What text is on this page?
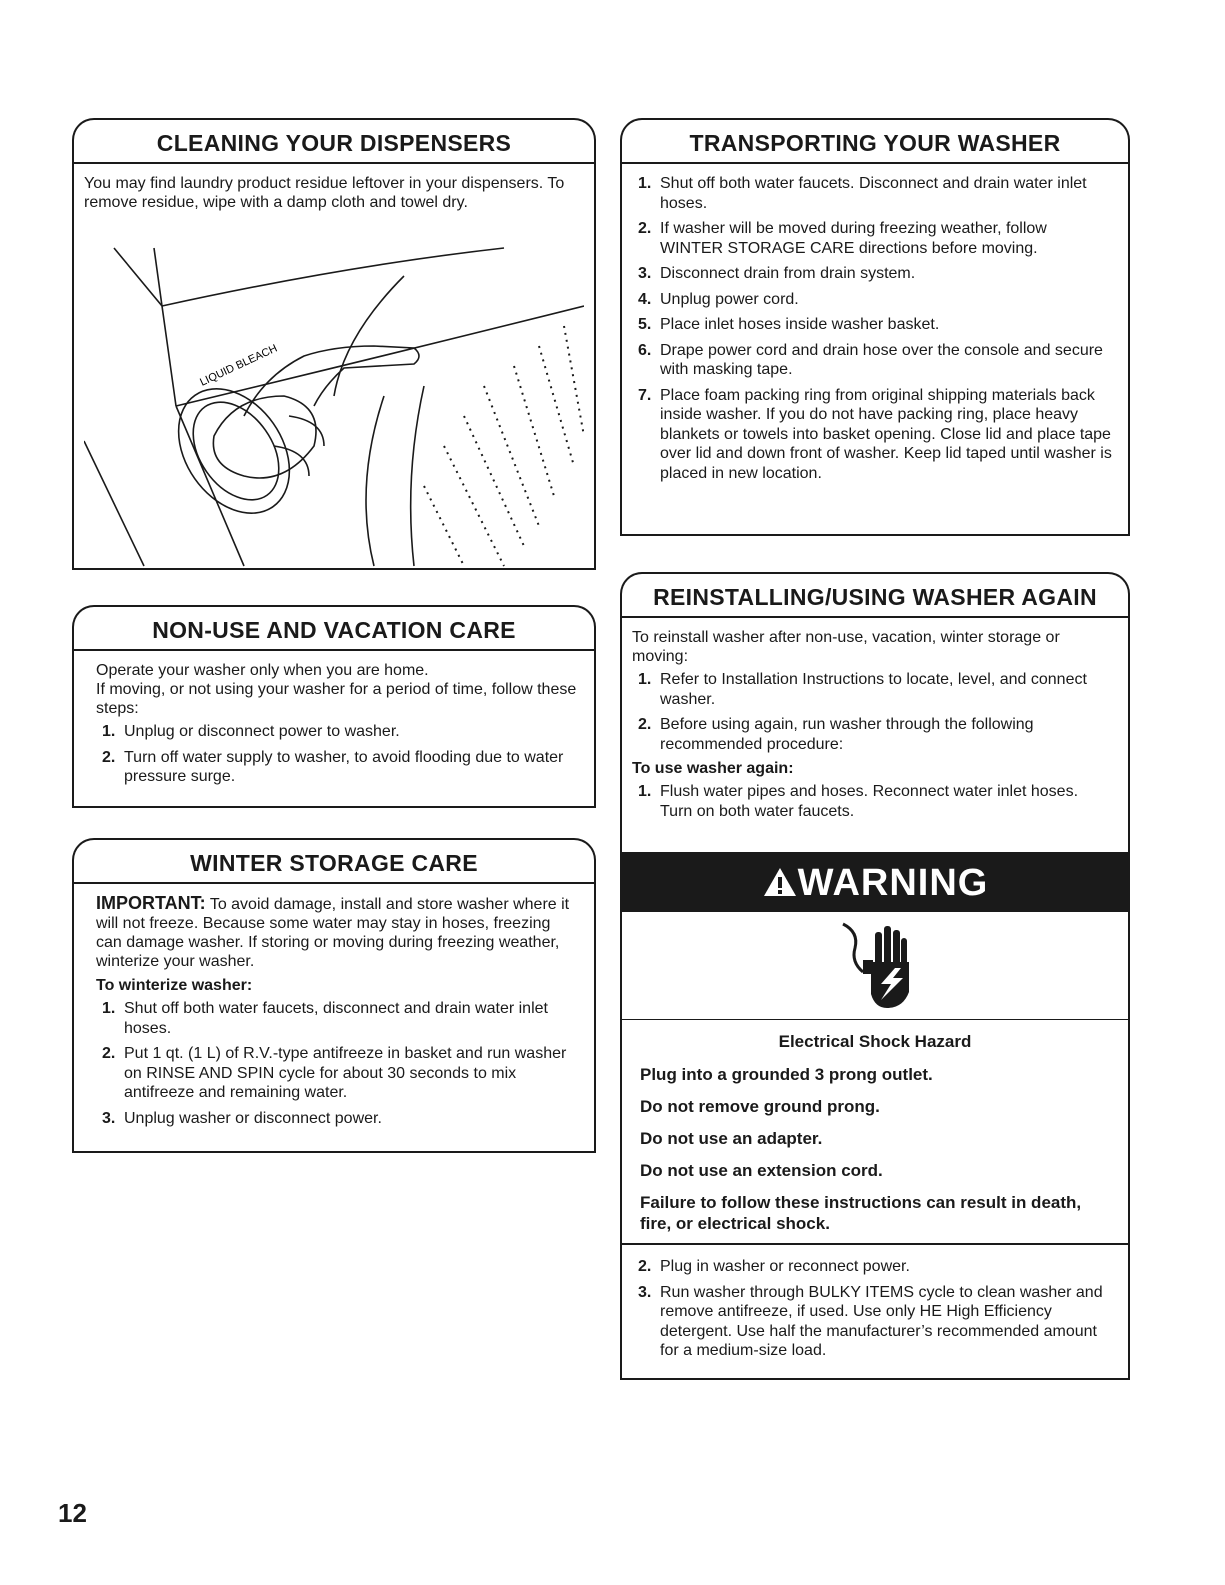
CLEANING YOUR DISPENSERS

You may find laundry product residue leftover in your dispensers. To remove residue, wipe with a damp cloth and towel dry.

LIQUID BLEACH
NON-USE AND VACATION CARE

Operate your washer only when you are home.

If moving, or not using your washer for a period of time, follow these steps:

1. Unplug or disconnect power to washer.
2. Turn off water supply to washer, to avoid flooding due to water pressure surge.
WINTER STORAGE CARE

IMPORTANT: To avoid damage, install and store washer where it will not freeze. Because some water may stay in hoses, freezing can damage washer. If storing or moving during freezing weather, winterize your washer.

To winterize washer:
1. Shut off both water faucets, disconnect and drain water inlet hoses.
2. Put 1 qt. (1 L) of R.V.-type antifreeze in basket and run washer on RINSE AND SPIN cycle for about 30 seconds to mix antifreeze and remaining water.
3. Unplug washer or disconnect power.
TRANSPORTING YOUR WASHER
1. Shut off both water faucets. Disconnect and drain water inlet hoses.
2. If washer will be moved during freezing weather, follow WINTER STORAGE CARE directions before moving.
3. Disconnect drain from drain system.
4. Unplug power cord.
5. Place inlet hoses inside washer basket.
6. Drape power cord and drain hose over the console and secure with masking tape.
7. Place foam packing ring from original shipping materials back inside washer. If you do not have packing ring, place heavy blankets or towels into basket opening. Close lid and place tape over lid and down front of washer. Keep lid taped until washer is placed in new location.
REINSTALLING/USING WASHER AGAIN

To reinstall washer after non-use, vacation, winter storage or moving:

1. Refer to Installation Instructions to locate, level, and connect washer.
2. Before using again, run washer through the following recommended procedure:
To use washer again:
1. Flush water pipes and hoses. Reconnect water inlet hoses. Turn on both water faucets.
WARNING
Electrical Shock Hazard
Plug into a grounded 3 prong outlet.
Do not remove ground prong.
Do not use an adapter.
Do not use an extension cord.
Failure to follow these instructions can result in death, fire, or electrical shock.
2. Plug in washer or reconnect power.
3. Run washer through BULKY ITEMS cycle to clean washer and remove antifreeze, if used. Use only HE High Efficiency detergent. Use half the manufacturer’s recommended amount for a medium-size load.
12
